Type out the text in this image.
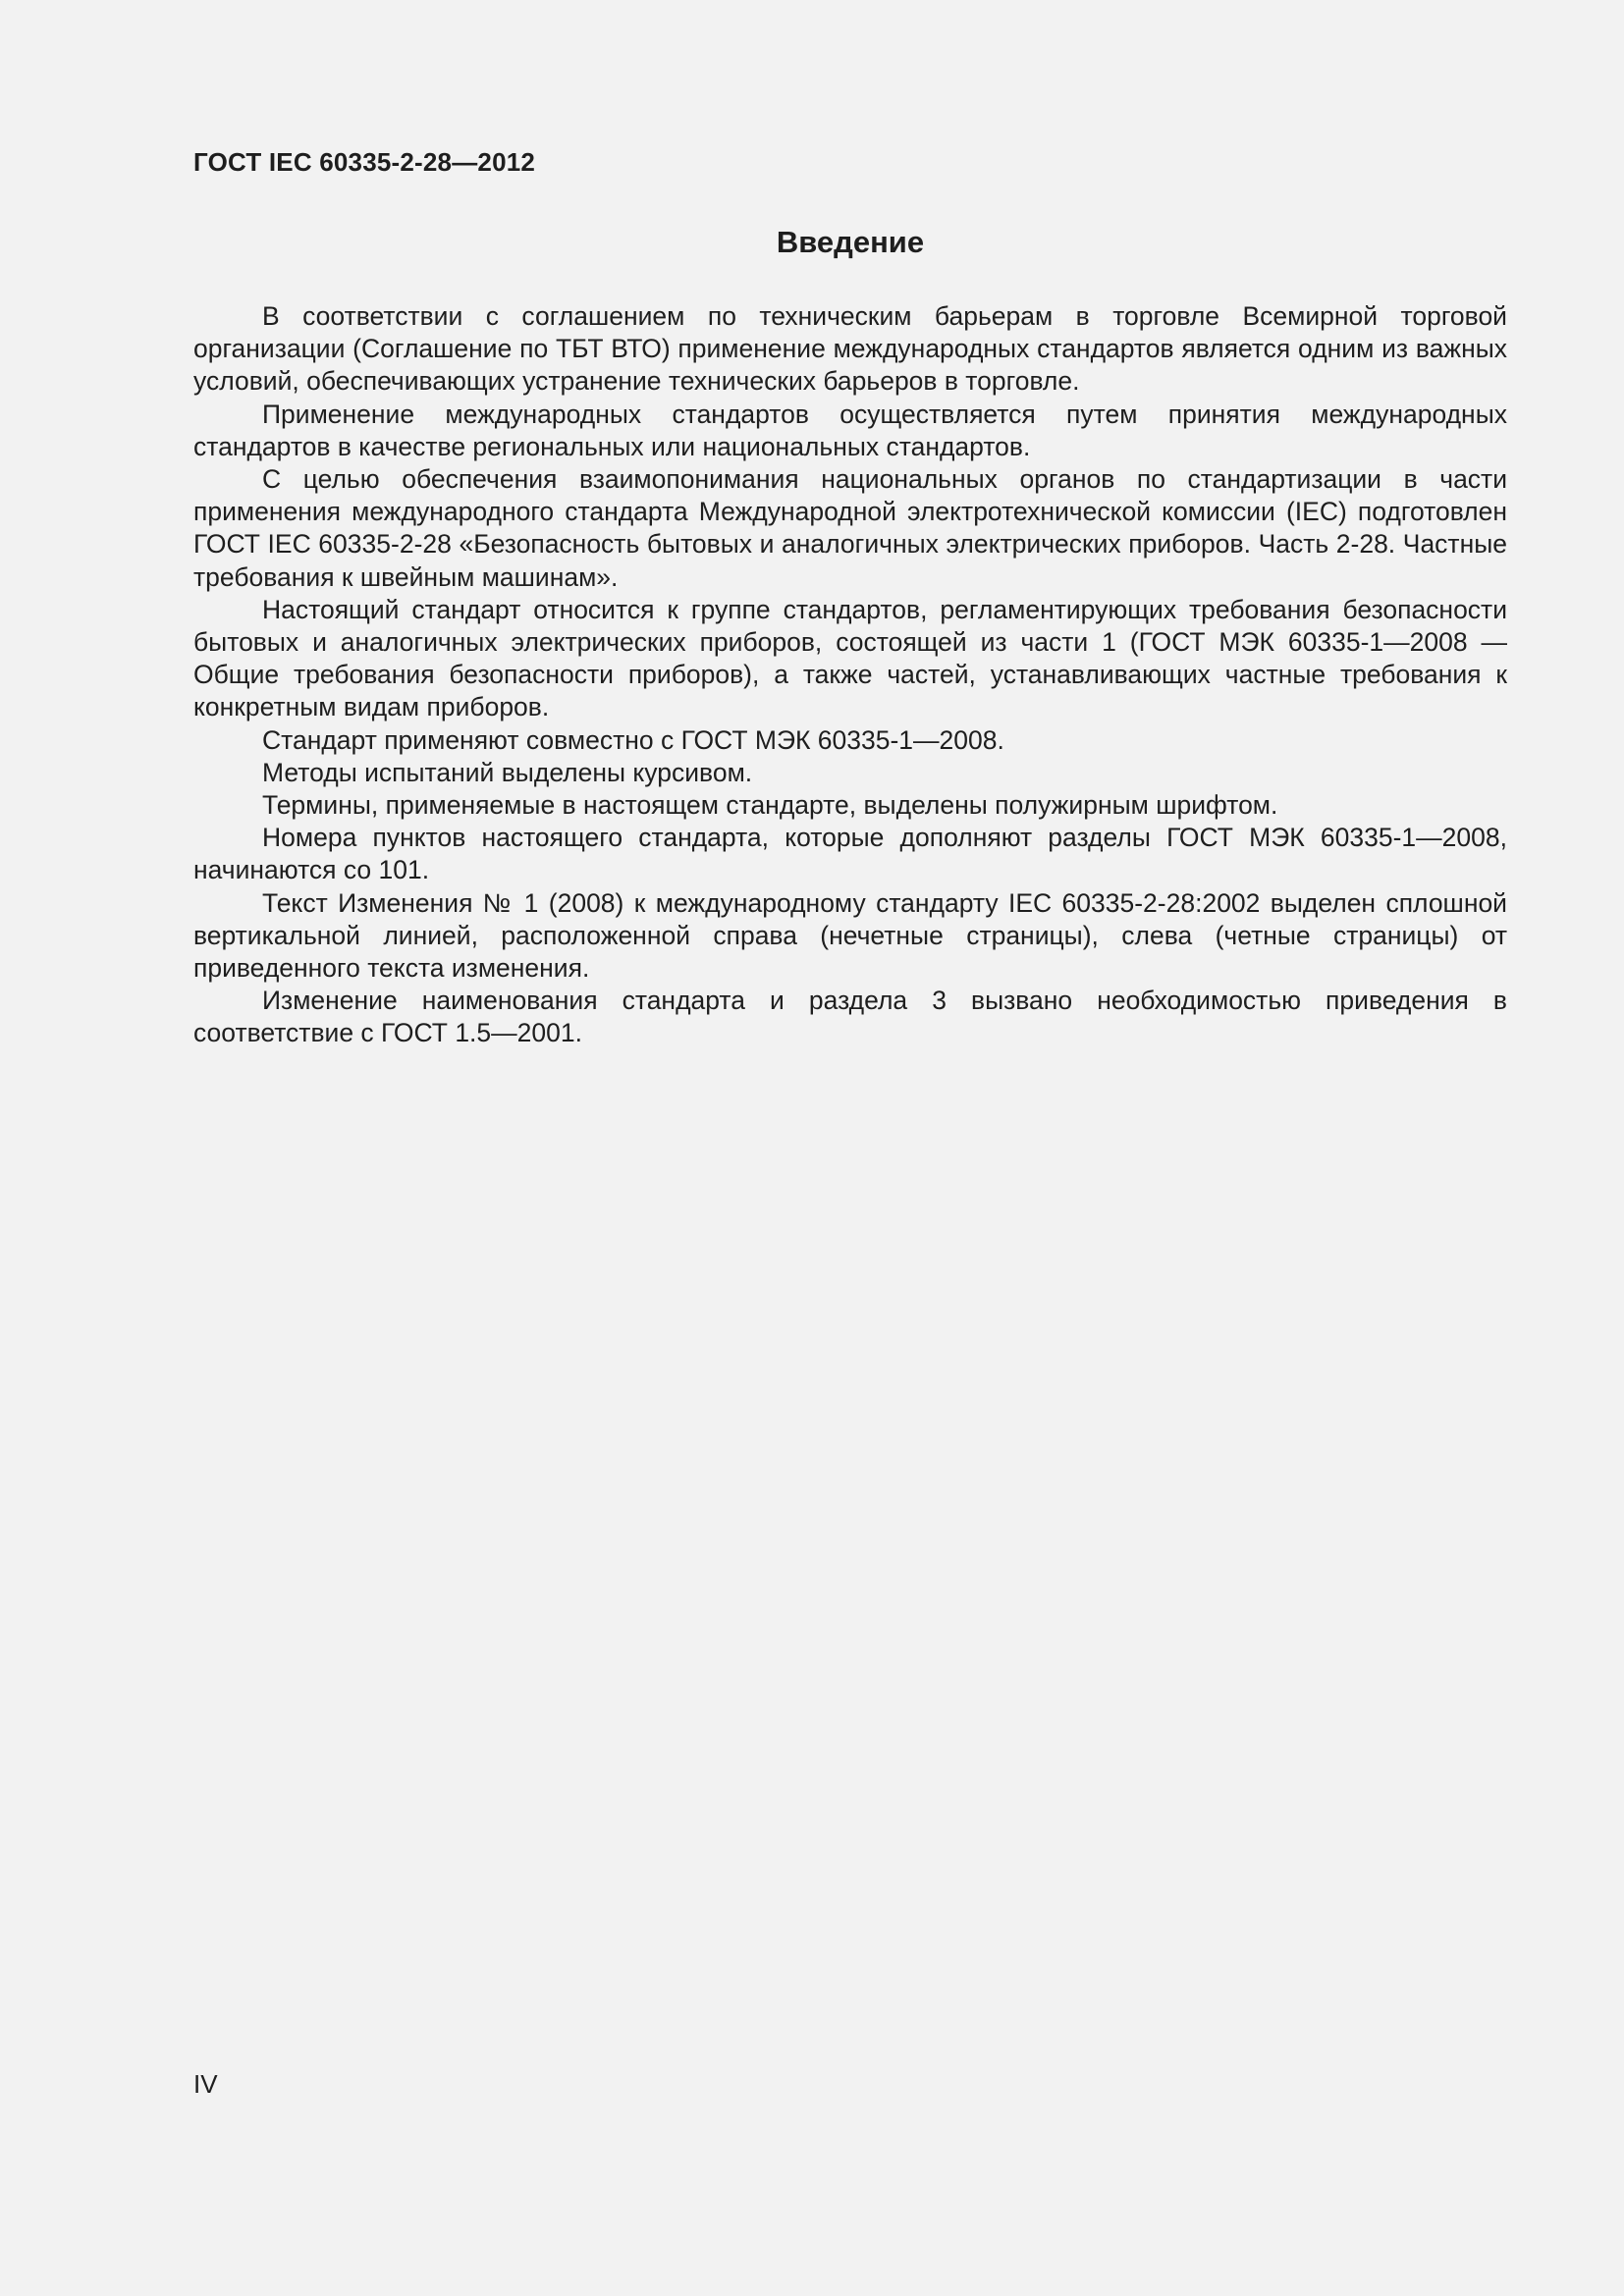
ГОСТ IEC 60335-2-28—2012
Введение

В соответствии с соглашением по техническим барьерам в торговле Всемирной торговой организации (Соглашение по ТБТ ВТО) применение международных стандартов является одним из важных условий, обеспечивающих устранение технических барьеров в торговле.

Применение международных стандартов осуществляется путем принятия международных стандартов в качестве региональных или национальных стандартов.

С целью обеспечения взаимопонимания национальных органов по стандартизации в части применения международного стандарта Международной электротехнической комиссии (IEC) подготовлен ГОСТ IEC 60335-2-28 «Безопасность бытовых и аналогичных электрических приборов. Часть 2-28. Частные требования к швейным машинам».

Настоящий стандарт относится к группе стандартов, регламентирующих требования безопасности бытовых и аналогичных электрических приборов, состоящей из части 1 (ГОСТ МЭК 60335-1—2008 — Общие требования безопасности приборов), а также частей, устанавливающих частные требования к конкретным видам приборов.

Стандарт применяют совместно с ГОСТ МЭК 60335-1—2008.

Методы испытаний выделены курсивом.

Термины, применяемые в настоящем стандарте, выделены полужирным шрифтом.

Номера пунктов настоящего стандарта, которые дополняют разделы ГОСТ МЭК 60335-1—2008, начинаются со 101.

Текст Изменения № 1 (2008) к международному стандарту IEC 60335-2-28:2002 выделен сплошной вертикальной линией, расположенной справа (нечетные страницы), слева (четные страницы) от приведенного текста изменения.

Изменение наименования стандарта и раздела 3 вызвано необходимостью приведения в соответствие с ГОСТ 1.5—2001.

IV
